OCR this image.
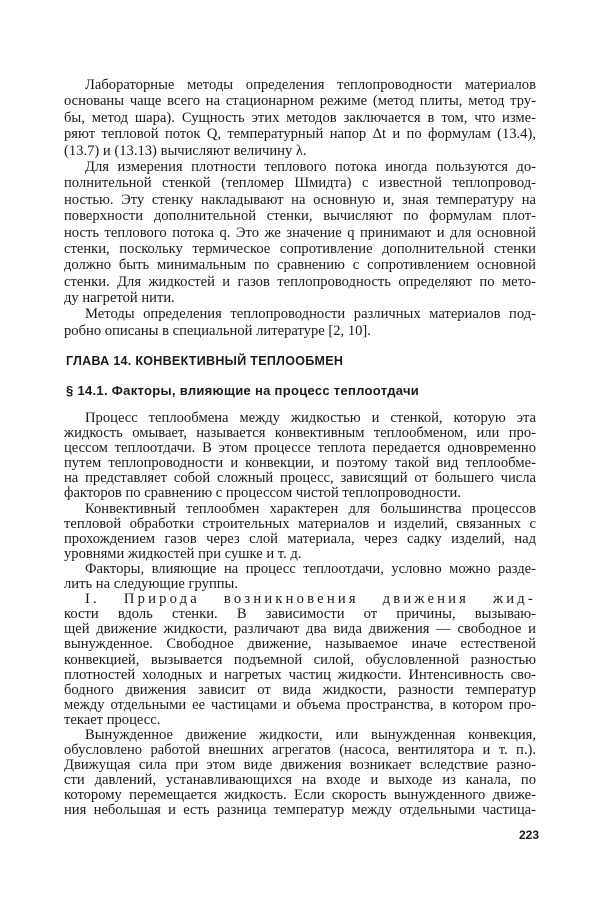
Лабораторные методы определения теплопроводности материалов
основаны чаще всего на стационарном режиме (метод плиты, метод тру-
бы, метод шара). Сущность этих методов заключается в том, что изме-
ряют тепловой поток Q, температурный напор Δt и по формулам (13.4),
(13.7) и (13.13) вычисляют величину λ.
Для измерения плотности теплового потока иногда пользуются до-
полнительной стенкой (тепломер Шмидта) с известной теплопровод-
ностью. Эту стенку накладывают на основную и, зная температуру на
поверхности дополнительной стенки, вычисляют по формулам плот-
ность теплового потока q. Это же значение q принимают и для основной
стенки, поскольку термическое сопротивление дополнительной стенки
должно быть минимальным по сравнению с сопротивлением основной
стенки. Для жидкостей и газов теплопроводность определяют по мето-
ду нагретой нити.
Методы определения теплопроводности различных материалов под-
робно описаны в специальной литературе [2, 10].
ГЛАВА 14. КОНВЕКТИВНЫЙ ТЕПЛООБМЕН
§ 14.1. Факторы, влияющие на процесс теплоотдачи
Процесс теплообмена между жидкостью и стенкой, которую эта
жидкость омывает, называется конвективным теплообменом, или про-
цессом теплоотдачи. В этом процессе теплота передается одновременно
путем теплопроводности и конвекции, и поэтому такой вид теплообме-
на представляет собой сложный процесс, зависящий от большего числа
факторов по сравнению с процессом чистой теплопроводности.
Конвективный теплообмен характерен для большинства процессов
тепловой обработки строительных материалов и изделий, связанных с
прохождением газов через слой материала, через садку изделий, над
уровнями жидкостей при сушке и т. д.
Факторы, влияющие на процесс теплоотдачи, условно можно разде-
лить на следующие группы.
I. Природа возникновения движения жид-
кости вдоль стенки. В зависимости от причины, вызываю-
щей движение жидкости, различают два вида движения — свободное и
вынужденное. Свободное движение, называемое иначе естественой
конвекцией, вызывается подъемной силой, обусловленной разностью
плотностей холодных и нагретых частиц жидкости. Интенсивность сво-
бодного движения зависит от вида жидкости, разности температур
между отдельными ее частицами и объема пространства, в котором про-
текает процесс.
Вынужденное движение жидкости, или вынужденная конвекция,
обусловлено работой внешних агрегатов (насоса, вентилятора и т. п.).
Движущая сила при этом виде движения возникает вследствие разно-
сти давлений, устанавливающихся на входе и выходе из канала, по
которому перемещается жидкость. Если скорость вынужденного движе-
ния небольшая и есть разница температур между отдельными частица-
223
